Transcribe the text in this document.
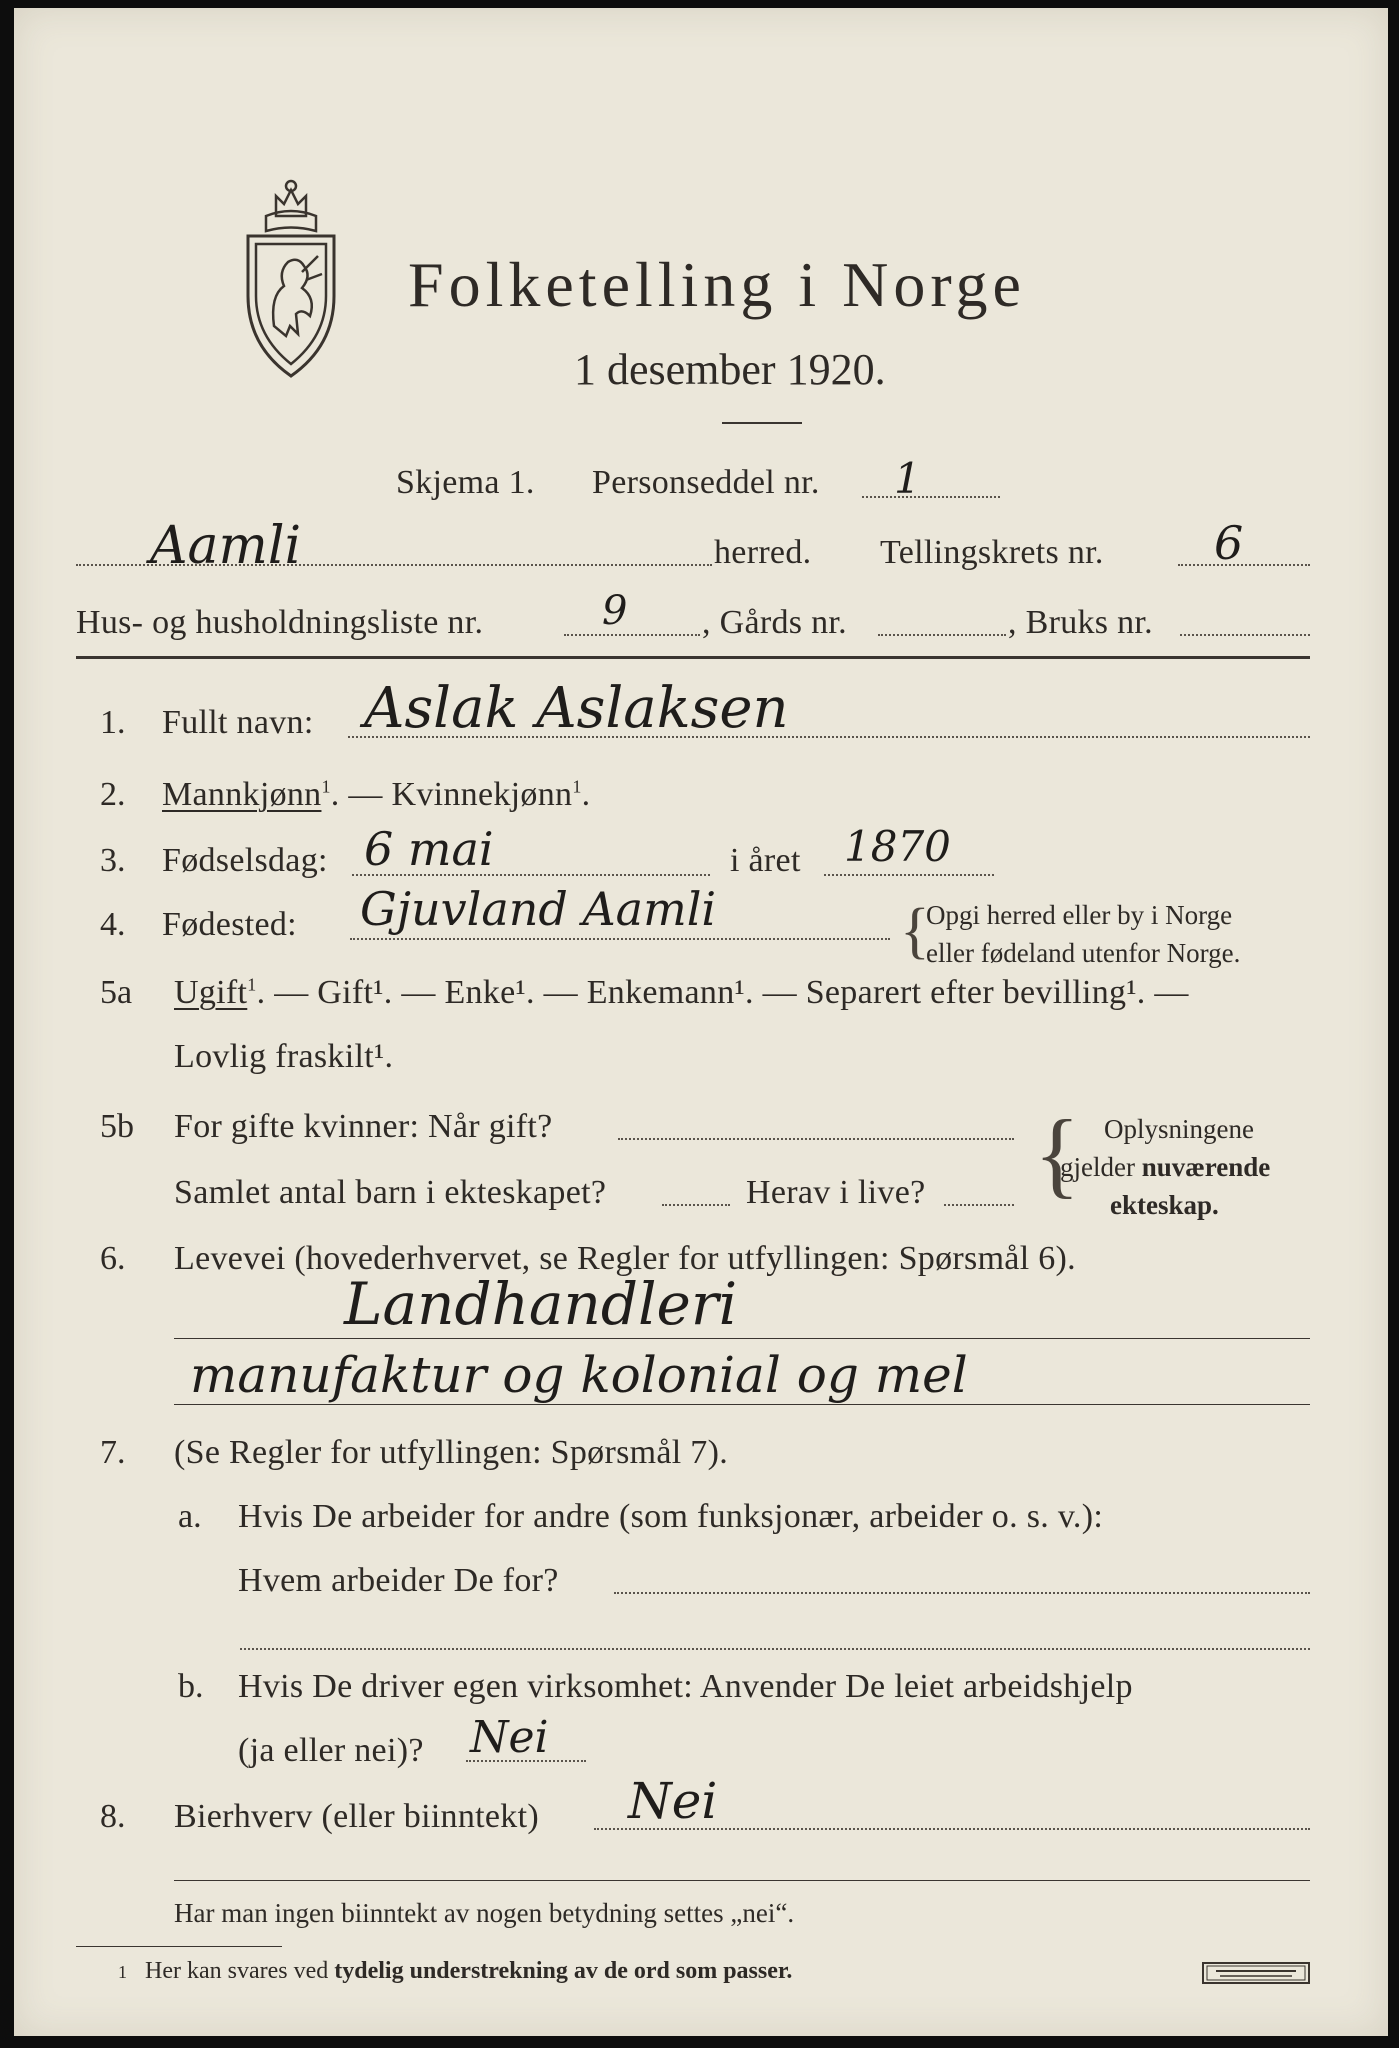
Folketelling i Norge
1 desember 1920.
Skjema 1. Personseddel nr. 1
Aamli	herred. Tellingskrets nr. 6
Hus- og husholdningsliste nr.	9 , Gårds nr.	, Bruks nr.
1. Fullt navn: Aslak Aslaksen
2. Mannkjønn$^1$. — Kvinnekjønn$^1$.
3. Fødselsdag: 6 mai	i året 1870
4. Fødested: Gjuvland Aamli	{
Opgi herred eller by i Norge
eller fødeland utenfor Norge.
5a Ugift$^1$. — Gift¹. — Enke¹. — Enkemann¹. — Separert efter bevilling¹. —
Lovlig fraskilt¹.
5b For gifte kvinner: Når gift?
Samlet antal barn i ekteskapet?	Herav i live? { Oplysningene
gjelder nuværende
ekteskap.
6. Levevei (hovederhvervet, se Regler for utfyllingen: Spørsmål 6).
Landhandleri
manufaktur og kolonial og mel
7. (Se Regler for utfyllingen: Spørsmål 7).
a. Hvis De arbeider for andre (som funksjonær, arbeider o. s. v.):
Hvem arbeider De for?
b. Hvis De driver egen virksomhet: Anvender De leiet arbeidshjelp
(ja eller nei)? Nei
8. Bierhverv (eller biinntekt) Nei
Har man ingen biinntekt av nogen betydning settes „nei“.
1 Her kan svares ved tydelig understrekning av de ord som passer.
